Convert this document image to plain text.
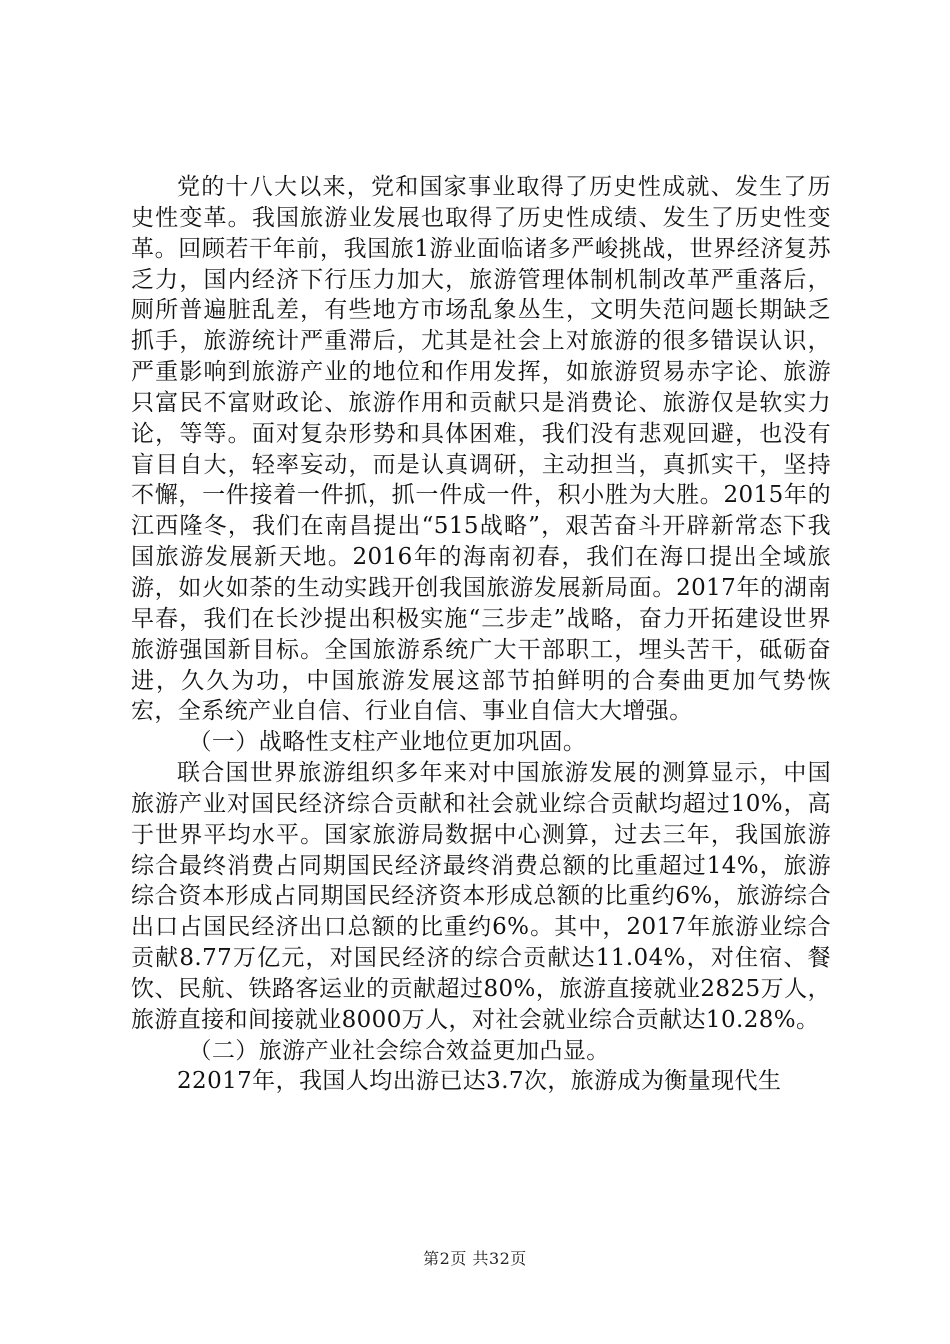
党的十八大以来，党和国家事业取得了历史性成就、发生了历史性变革。我国旅游业发展也取得了历史性成绩、发生了历史性变革。回顾若干年前，我国旅1游业面临诸多严峻挑战，世界经济复苏乏力，国内经济下行压力加大，旅游管理体制机制改革严重落后，厕所普遍脏乱差，有些地方市场乱象丛生，文明失范问题长期缺乏抓手，旅游统计严重滞后，尤其是社会上对旅游的很多错误认识，严重影响到旅游产业的地位和作用发挥，如旅游贸易赤字论、旅游只富民不富财政论、旅游作用和贡献只是消费论、旅游仅是软实力论，等等。面对复杂形势和具体困难，我们没有悲观回避，也没有盲目自大，轻率妄动，而是认真调研，主动担当，真抓实干，坚持不懈，一件接着一件抓，抓一件成一件，积小胜为大胜。2015年的江西隆冬，我们在南昌提出“515战略”，艰苦奋斗开辟新常态下我国旅游发展新天地。2016年的海南初春，我们在海口提出全域旅游，如火如荼的生动实践开创我国旅游发展新局面。2017年的湖南早春，我们在长沙提出积极实施“三步走”战略，奋力开拓建设世界旅游强国新目标。全国旅游系统广大干部职工，埋头苦干，砥砺奋进，久久为功，中国旅游发展这部节拍鲜明的合奏曲更加气势恢宏，全系统产业自信、行业自信、事业自信大大增强。

（一）战略性支柱产业地位更加巩固。

联合国世界旅游组织多年来对中国旅游发展的测算显示，中国旅游产业对国民经济综合贡献和社会就业综合贡献均超过10%，高于世界平均水平。国家旅游局数据中心测算，过去三年，我国旅游综合最终消费占同期国民经济最终消费总额的比重超过14%，旅游综合资本形成占同期国民经济资本形成总额的比重约6%，旅游综合出口占国民经济出口总额的比重约6%。其中，2017年旅游业综合贡献8.77万亿元，对国民经济的综合贡献达11.04%，对住宿、餐饮、民航、铁路客运业的贡献超过80%，旅游直接就业2825万人，旅游直接和间接就业8000万人，对社会就业综合贡献达10.28%。

（二）旅游产业社会综合效益更加凸显。

22017年，我国人均出游已达3.7次，旅游成为衡量现代生

第2页 共32页
